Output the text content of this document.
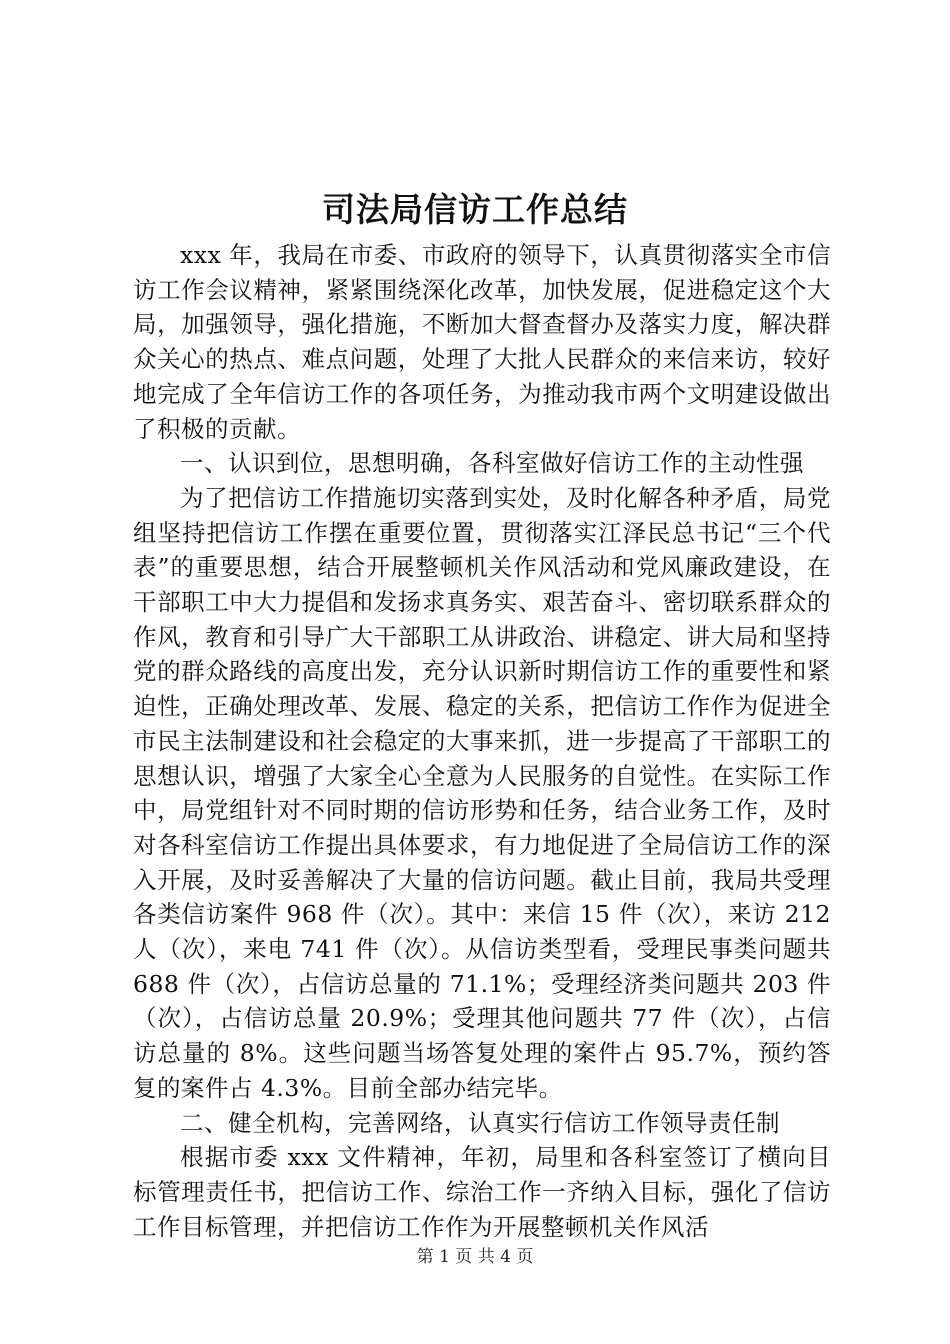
司法局信访工作总结

xxx 年，我局在市委、市政府的领导下，认真贯彻落实全市信访工作会议精神，紧紧围绕深化改革，加快发展，促进稳定这个大局，加强领导，强化措施，不断加大督查督办及落实力度，解决群众关心的热点、难点问题，处理了大批人民群众的来信来访，较好地完成了全年信访工作的各项任务，为推动我市两个文明建设做出了积极的贡献。

一、认识到位，思想明确，各科室做好信访工作的主动性强

为了把信访工作措施切实落到实处，及时化解各种矛盾，局党组坚持把信访工作摆在重要位置，贯彻落实江泽民总书记“三个代表”的重要思想，结合开展整顿机关作风活动和党风廉政建设，在干部职工中大力提倡和发扬求真务实、艰苦奋斗、密切联系群众的作风，教育和引导广大干部职工从讲政治、讲稳定、讲大局和坚持党的群众路线的高度出发，充分认识新时期信访工作的重要性和紧迫性，正确处理改革、发展、稳定的关系，把信访工作作为促进全市民主法制建设和社会稳定的大事来抓，进一步提高了干部职工的思想认识，增强了大家全心全意为人民服务的自觉性。在实际工作中，局党组针对不同时期的信访形势和任务，结合业务工作，及时对各科室信访工作提出具体要求，有力地促进了全局信访工作的深入开展，及时妥善解决了大量的信访问题。截止目前，我局共受理各类信访案件 968 件（次）。其中：来信 15 件（次），来访 212 人（次），来电 741 件（次）。从信访类型看，受理民事类问题共 688 件（次），占信访总量的 71.1%；受理经济类问题共 203 件（次），占信访总量 20.9%；受理其他问题共 77 件（次），占信访总量的 8%。这些问题当场答复处理的案件占 95.7%，预约答复的案件占 4.3%。目前全部办结完毕。

二、健全机构，完善网络，认真实行信访工作领导责任制

根据市委 xxx 文件精神，年初，局里和各科室签订了横向目标管理责任书，把信访工作、综治工作一齐纳入目标，强化了信访工作目标管理，并把信访工作作为开展整顿机关作风活

第 1 页 共 4 页
